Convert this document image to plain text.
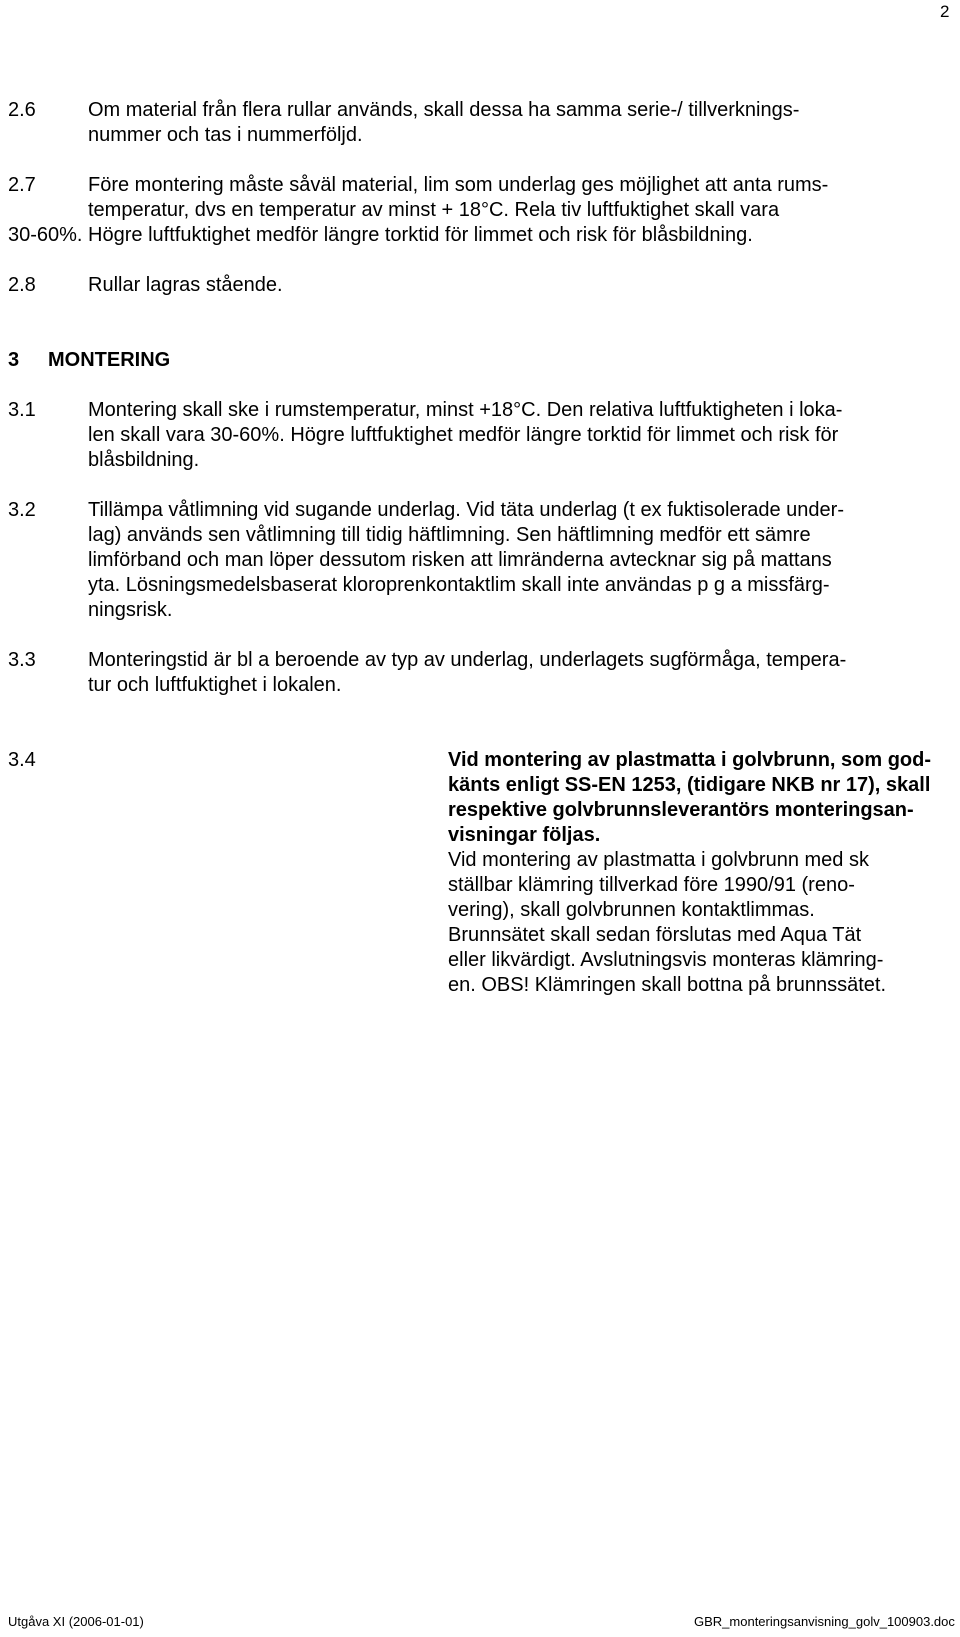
2
2.6	Om material från flera rullar används, skall dessa ha samma serie-/ tillverknings-
nummer och tas i nummerföljd.
2.7	Före montering måste såväl material, lim som underlag ges möjlighet att anta rums-
temperatur, dvs en temperatur av minst + 18°C. Rela tiv luftfuktighet skall vara
30-60%. Högre luftfuktighet medför längre torktid för limmet och risk för blåsbildning.
2.8	Rullar lagras stående.
3 MONTERING
3.1	Montering skall ske i rumstemperatur, minst +18°C. Den relativa luftfuktigheten i loka-
len skall vara 30-60%. Högre luftfuktighet medför längre torktid för limmet och risk för
blåsbildning.
3.2	Tillämpa våtlimning vid sugande underlag. Vid täta underlag (t ex fuktisolerade under-
lag) används sen våtlimning till tidig häftlimning. Sen häftlimning medför ett sämre
limförband och man löper dessutom risken att limränderna avtecknar sig på mattans
yta. Lösningsmedelsbaserat kloroprenkontaktlim skall inte användas p g a missfärg-
ningsrisk.
3.3	Monteringstid är bl a beroende av typ av underlag, underlagets sugförmåga, tempera-
tur och luftfuktighet i lokalen.
3.4	Vid montering av plastmatta i golvbrunn, som god-
känts enligt SS-EN 1253, (tidigare NKB nr 17), skall
respektive golvbrunnsleverantörs monteringsan-
visningar följas.
Vid montering av plastmatta i golvbrunn med sk
ställbar klämring tillverkad före 1990/91 (reno-
vering), skall golvbrunnen kontaktlimmas.
Brunnsätet skall sedan förslutas med Aqua Tät
eller likvärdigt. Avslutningsvis monteras klämring-
en. OBS! Klämringen skall bottna på brunnssätet.
Utgåva XI (2006-01-01)	GBR_monteringsanvisning_golv_100903.doc
